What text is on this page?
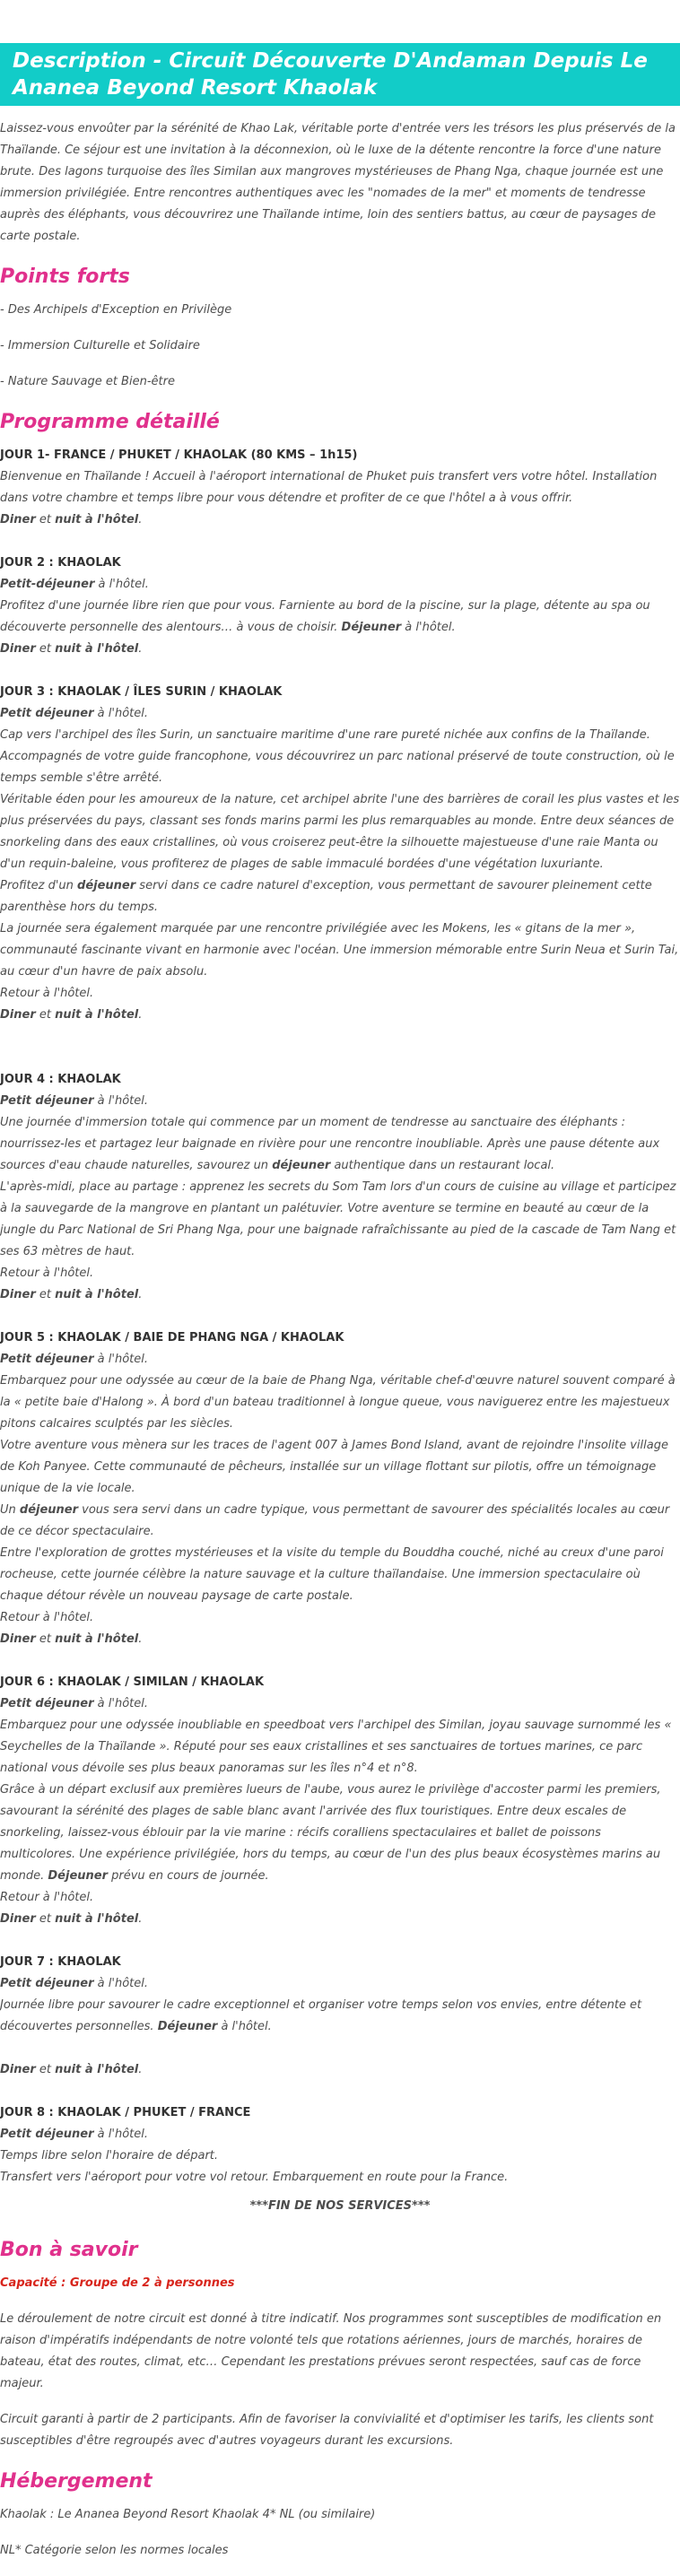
Description - Circuit Découverte D'Andaman Depuis Le Ananea Beyond Resort Khaolak

Laissez-vous envoûter par la sérénité de Khao Lak, véritable porte d'entrée vers les trésors les plus préservés de la Thaïlande. Ce séjour est une invitation à la déconnexion, où le luxe de la détente rencontre la force d'une nature brute. Des lagons turquoise des îles Similan aux mangroves mystérieuses de Phang Nga, chaque journée est une immersion privilégiée. Entre rencontres authentiques avec les "nomades de la mer" et moments de tendresse auprès des éléphants, vous découvrirez une Thaïlande intime, loin des sentiers battus, au cœur de paysages de carte postale.

Points forts

- Des Archipels d'Exception en Privilège

- Immersion Culturelle et Solidaire

- Nature Sauvage et Bien-être

Programme détaillé

JOUR 1- FRANCE / PHUKET / KHAOLAK (80 KMS – 1h15)

Bienvenue en Thaïlande ! Accueil à l'aéroport international de Phuket puis transfert vers votre hôtel. Installation dans votre chambre et temps libre pour vous détendre et profiter de ce que l'hôtel a à vous offrir.

Diner et nuit à l'hôtel.

JOUR 2 : KHAOLAK

Petit-déjeuner à l'hôtel.

Profitez d'une journée libre rien que pour vous. Farniente au bord de la piscine, sur la plage, détente au spa ou découverte personnelle des alentours… à vous de choisir. Déjeuner à l'hôtel.

Diner et nuit à l'hôtel.

JOUR 3 : KHAOLAK / ÎLES SURIN / KHAOLAK

Petit déjeuner à l'hôtel.

Cap vers l'archipel des îles Surin, un sanctuaire maritime d'une rare pureté nichée aux confins de la Thaïlande. Accompagnés de votre guide francophone, vous découvrirez un parc national préservé de toute construction, où le temps semble s'être arrêté.

Véritable éden pour les amoureux de la nature, cet archipel abrite l'une des barrières de corail les plus vastes et les plus préservées du pays, classant ses fonds marins parmi les plus remarquables au monde. Entre deux séances de snorkeling dans des eaux cristallines, où vous croiserez peut-être la silhouette majestueuse d'une raie Manta ou d'un requin-baleine, vous profiterez de plages de sable immaculé bordées d'une végétation luxuriante.

Profitez d'un déjeuner servi dans ce cadre naturel d'exception, vous permettant de savourer pleinement cette parenthèse hors du temps.

La journée sera également marquée par une rencontre privilégiée avec les Mokens, les « gitans de la mer », communauté fascinante vivant en harmonie avec l'océan. Une immersion mémorable entre Surin Neua et Surin Tai, au cœur d'un havre de paix absolu.

Retour à l'hôtel.

Diner et nuit à l'hôtel.

JOUR 4 : KHAOLAK

Petit déjeuner à l'hôtel.

Une journée d'immersion totale qui commence par un moment de tendresse au sanctuaire des éléphants : nourrissez-les et partagez leur baignade en rivière pour une rencontre inoubliable. Après une pause détente aux sources d'eau chaude naturelles, savourez un déjeuner authentique dans un restaurant local.

L'après-midi, place au partage : apprenez les secrets du Som Tam lors d'un cours de cuisine au village et participez à la sauvegarde de la mangrove en plantant un palétuvier. Votre aventure se termine en beauté au cœur de la jungle du Parc National de Sri Phang Nga, pour une baignade rafraîchissante au pied de la cascade de Tam Nang et ses 63 mètres de haut.

Retour à l'hôtel.

Diner et nuit à l'hôtel.

JOUR 5 : KHAOLAK / BAIE DE PHANG NGA / KHAOLAK

Petit déjeuner à l'hôtel.

Embarquez pour une odyssée au cœur de la baie de Phang Nga, véritable chef-d'œuvre naturel souvent comparé à la « petite baie d'Halong ». À bord d'un bateau traditionnel à longue queue, vous naviguerez entre les majestueux pitons calcaires sculptés par les siècles.

Votre aventure vous mènera sur les traces de l'agent 007 à James Bond Island, avant de rejoindre l'insolite village de Koh Panyee. Cette communauté de pêcheurs, installée sur un village flottant sur pilotis, offre un témoignage unique de la vie locale.

Un déjeuner vous sera servi dans un cadre typique, vous permettant de savourer des spécialités locales au cœur de ce décor spectaculaire.

Entre l'exploration de grottes mystérieuses et la visite du temple du Bouddha couché, niché au creux d'une paroi rocheuse, cette journée célèbre la nature sauvage et la culture thaïlandaise. Une immersion spectaculaire où chaque détour révèle un nouveau paysage de carte postale.

Retour à l'hôtel.

Diner et nuit à l'hôtel.

JOUR 6 : KHAOLAK / SIMILAN / KHAOLAK

Petit déjeuner à l'hôtel.

Embarquez pour une odyssée inoubliable en speedboat vers l'archipel des Similan, joyau sauvage surnommé les « Seychelles de la Thaïlande ». Réputé pour ses eaux cristallines et ses sanctuaires de tortues marines, ce parc national vous dévoile ses plus beaux panoramas sur les îles n°4 et n°8.

Grâce à un départ exclusif aux premières lueurs de l'aube, vous aurez le privilège d'accoster parmi les premiers, savourant la sérénité des plages de sable blanc avant l'arrivée des flux touristiques. Entre deux escales de snorkeling, laissez-vous éblouir par la vie marine : récifs coralliens spectaculaires et ballet de poissons multicolores. Une expérience privilégiée, hors du temps, au cœur de l'un des plus beaux écosystèmes marins au monde. Déjeuner prévu en cours de journée.

Retour à l'hôtel.

Diner et nuit à l'hôtel.

JOUR 7 : KHAOLAK

Petit déjeuner à l'hôtel.

Journée libre pour savourer le cadre exceptionnel et organiser votre temps selon vos envies, entre détente et découvertes personnelles. Déjeuner à l'hôtel.

Diner et nuit à l'hôtel.

JOUR 8 : KHAOLAK / PHUKET / FRANCE

Petit déjeuner à l'hôtel.

Temps libre selon l'horaire de départ.

Transfert vers l'aéroport pour votre vol retour. Embarquement en route pour la France.

***FIN DE NOS SERVICES***

Bon à savoir

Capacité : Groupe de 2 à personnes

Le déroulement de notre circuit est donné à titre indicatif. Nos programmes sont susceptibles de modification en raison d'impératifs indépendants de notre volonté tels que rotations aériennes, jours de marchés, horaires de bateau, état des routes, climat, etc… Cependant les prestations prévues seront respectées, sauf cas de force majeur.

Circuit garanti à partir de 2 participants. Afin de favoriser la convivialité et d'optimiser les tarifs, les clients sont susceptibles d'être regroupés avec d'autres voyageurs durant les excursions.

Hébergement

Khaolak : Le Ananea Beyond Resort Khaolak 4* NL (ou similaire)

NL* Catégorie selon les normes locales
